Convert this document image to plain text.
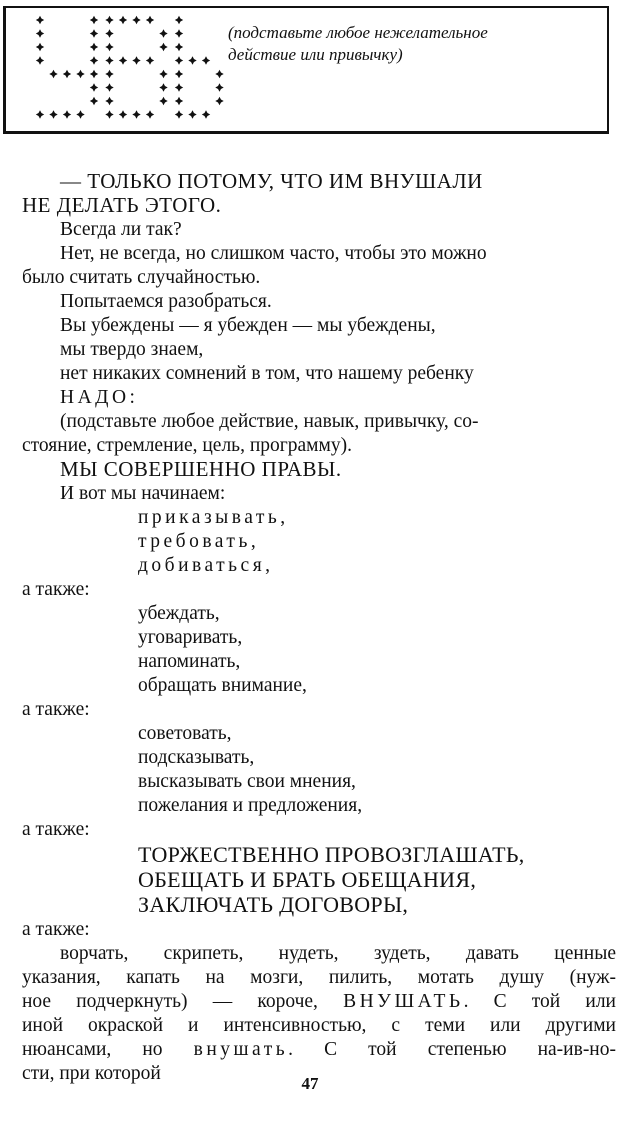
УВЫ
(подставьте любое нежелательное
действие или привычку)
— ТОЛЬКО ПОТОМУ, ЧТО ИМ ВНУШАЛИ
НЕ ДЕЛАТЬ ЭТОГО.
Всегда ли так?
Нет, не всегда, но слишком часто, чтобы это можно
было считать случайностью.
Попытаемся разобраться.
Вы убеждены — я убежден — мы убеждены,
мы твердо знаем,
нет никаких сомнений в том, что нашему ребенку
НАДО:
(подставьте любое действие, навык, привычку, со-
стояние, стремление, цель, программу).
МЫ СОВЕРШЕННО ПРАВЫ.
И вот мы начинаем:
приказывать,
требовать,
добиваться,
а также:
убеждать,
уговаривать,
напоминать,
обращать внимание,
а также:
советовать,
подсказывать,
высказывать свои мнения,
пожелания и предложения,
а также:
ТОРЖЕСТВЕННО ПРОВОЗГЛАШАТЬ,
ОБЕЩАТЬ И БРАТЬ ОБЕЩАНИЯ,
ЗАКЛЮЧАТЬ ДОГОВОРЫ,
а также:
ворчать, скрипеть, нудеть, зудеть, давать ценные
указания, капать на мозги, пилить, мотать душу (нуж-
ное подчеркнуть) — короче, ВНУШАТЬ. С той или
иной окраской и интенсивностью, с теми или другими
нюансами, но внушать. С той степенью на-ив-но-
сти, при которой	47
